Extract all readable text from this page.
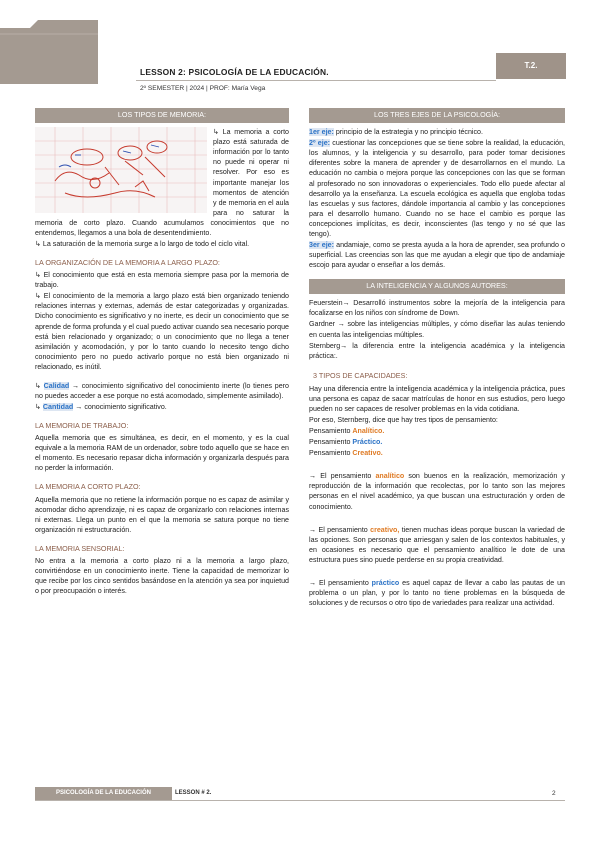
LESSON 2: PSICOLOGÍA DE LA EDUCACIÓN.
2º SEMESTER | 2024 | PROF: María Vega
T.2.
LOS TIPOS DE MEMORIA:

↳ La memoria a corto plazo está saturada de información por lo tanto no puede ni operar ni resolver. Por eso es importante manejar los momentos de atención y de memoria en el aula para no saturar la memoria de corto plazo. Cuando acumulamos conocimientos que no entendemos, llegamos a una bola de desentendimiento.

↳ La saturación de la memoria surge a lo largo de todo el ciclo vital.

LA ORGANIZACIÓN DE LA MEMORIA A LARGO PLAZO:

↳ El conocimiento que está en esta memoria siempre pasa por la memoria de trabajo.

↳ El conocimiento de la memoria a largo plazo está bien organizado teniendo relaciones internas y externas, además de estar categorizadas y organizadas. Dicho conocimiento es significativo y no inerte, es decir un conocimiento que se aprende de forma profunda y el cual puedo activar cuando sea necesario porque está bien relacionado y organizado; o un conocimiento que no llega a tener asimilación y acomodación, y por lo tanto cuando lo necesito tengo dicho conocimiento pero no puedo activarlo porque no está bien organizado ni relacionado, es inútil.

↳ Calidad → conocimiento significativo del conocimiento inerte (lo tienes pero no puedes acceder a ese porque no está acomodado, simplemente asimilado).

↳ Cantidad → conocimiento significativo.

LA MEMORIA DE TRABAJO:

Aquella memoria que es simultánea, es decir, en el momento, y es la cual equivale a la memoria RAM de un ordenador, sobre todo aquello que se hace en el momento. Es necesario repasar dicha información y organizarla después para no perder la información.

LA MEMORIA A CORTO PLAZO:

Aquella memoria que no retiene la información porque no es capaz de asimilar y acomodar dicho aprendizaje, ni es capaz de organizarlo con relaciones internas ni externas. Llega un punto en el que la memoria se satura porque no tiene organización ni estructuración.

LA MEMORIA SENSORIAL:

No entra a la memoria a corto plazo ni a la memoria a largo plazo, convirtiéndose en un conocimiento inerte. Tiene la capacidad de memorizar lo que recibe por los cinco sentidos basándose en la atención ya sea por inquietud o por preocupación o interés.

LOS TRES EJES DE LA PSICOLOGÍA:

1er eje: principio de la estrategia y no principio técnico.

2º eje: cuestionar las concepciones que se tiene sobre la realidad, la educación, los alumnos, y la inteligencia y su desarrollo, para poder tomar decisiones diferentes sobre la manera de aprender y de desarrollarnos en el mundo. La educación no cambia o mejora porque las concepciones con las que se forman al profesorado no son innovadoras o experienciales. Todo ello puede afectar al desarrollo ya la enseñanza. La escuela ecológica es aquella que engloba todas las escuelas y sus factores, dándole importancia al cambio y las concepciones para el desarrollo humano. Cuando no se hace el cambio es porque las concepciones implícitas, es decir, inconscientes (las tengo y no sé que las tengo).

3er eje: andamiaje, como se presta ayuda a la hora de aprender, sea profundo o superficial. Las creencias son las que me ayudan a elegir que tipo de andamiaje escojo para ayudar o enseñar a los demás.

LA INTELIGENCIA Y ALGUNOS AUTORES:

Feuerstein→ Desarrolló instrumentos sobre la mejoría de la inteligencia para focalizarse en los niños con síndrome de Down.

Gardner → sobre las inteligencias múltiples, y cómo diseñar las aulas teniendo en cuenta las inteligencias múltiples.

Sternberg→ la diferencia entre la inteligencia académica y la inteligencia práctica:.

3 TIPOS DE CAPACIDADES:

Hay una diferencia entre la inteligencia académica y la inteligencia práctica, pues una persona es capaz de sacar matrículas de honor en sus estudios, pero luego pueden no ser capaces de resolver problemas en la vida cotidiana.

Por eso, Sternberg, dice que hay tres tipos de pensamiento:

Pensamiento Analítico.

Pensamiento Práctico.

Pensamiento Creativo.

→ El pensamiento analítico son buenos en la realización, memorización y reproducción de la información que recolectas, por lo tanto son las mejores personas en el nivel académico, ya que buscan una estructuración y orden de conocimiento.

→ El pensamiento creativo, tienen muchas ideas porque buscan la variedad de las opciones. Son personas que arriesgan y salen de los contextos habituales, y en ocasiones es necesario que el pensamiento analítico le dote de una estructura pues sino puede perderse en su propia creatividad.

→ El pensamiento práctico es aquel capaz de llevar a cabo las pautas de un problema o un plan, y por lo tanto no tiene problemas en la búsqueda de soluciones y de recursos o otro tipo de variedades para realizar una actividad.

PSICOLOGÍA DE LA EDUCACIÓN	LESSON # 2.	2
